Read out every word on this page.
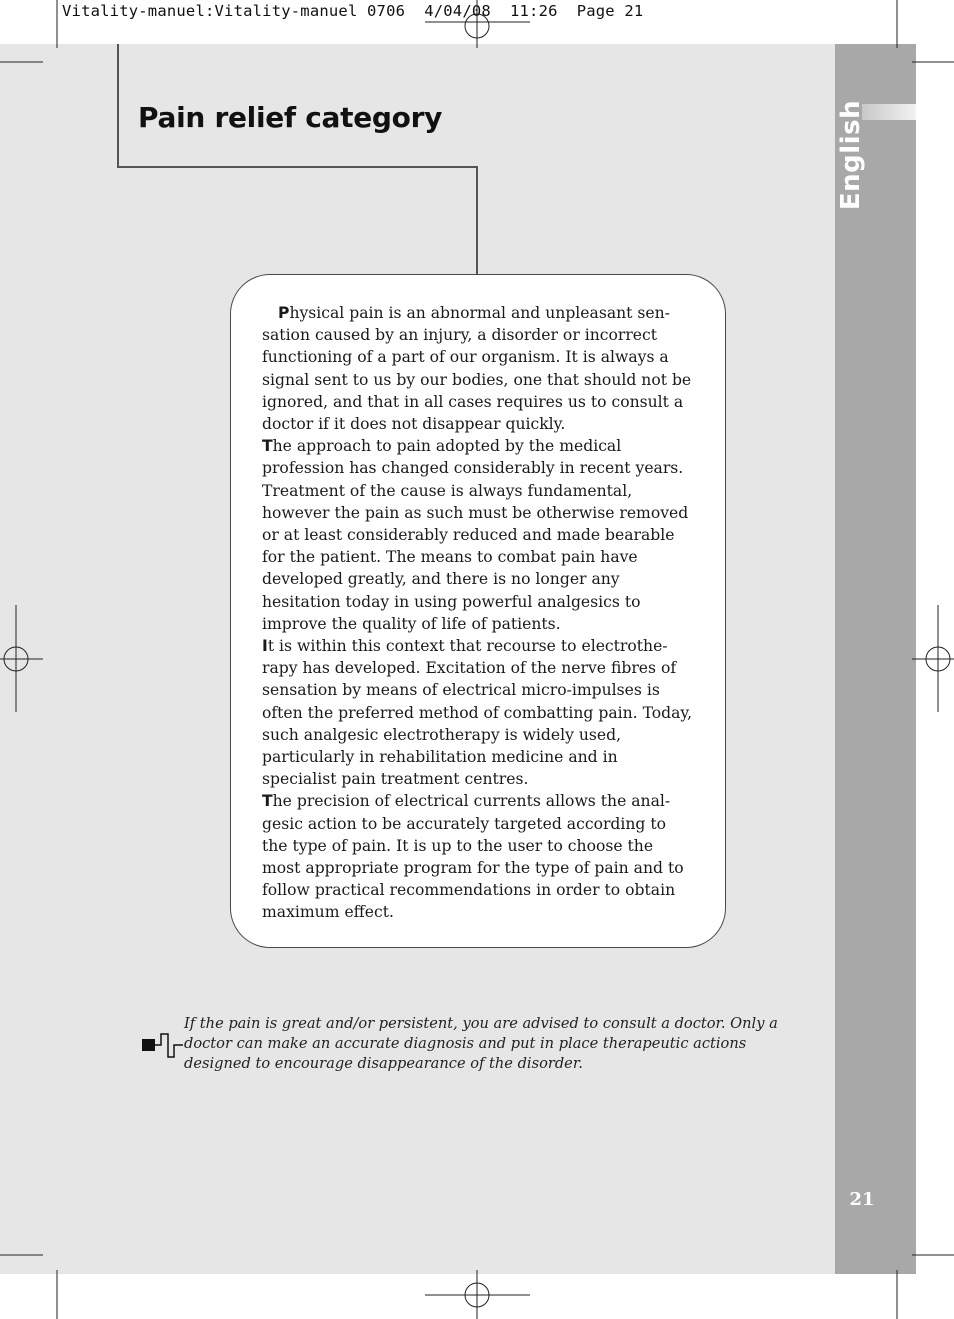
English
21
Vitality-manuel:Vitality-manuel 0706  4/04/08  11:26  Page 21
Pain relief category

Physical pain is an abnormal and unpleasant sen-sation caused by an injury, a disorder or incorrect functioning of a part of our organism. It is always a signal sent to us by our bodies, one that should not be ignored, and that in all cases requires us to consult a doctor if it does not disappear quickly.

The approach to pain adopted by the medical profession has changed considerably in recent years. Treatment of the cause is always fundamental, however the pain as such must be otherwise removed or at least considerably reduced and made bearable for the patient. The means to combat pain have developed greatly, and there is no longer any hesitation today in using powerful analgesics to improve the quality of life of patients.

It is within this context that recourse to electrothe-rapy has developed. Excitation of the nerve fibres of sensation by means of electrical micro-impulses is often the preferred method of combatting pain. Today, such analgesic electrotherapy is widely used, particularly in rehabilitation medicine and in specialist pain treatment centres.

The precision of electrical currents allows the anal-gesic action to be accurately targeted according to the type of pain. It is up to the user to choose the most appropriate program for the type of pain and to follow practical recommendations in order to obtain maximum effect.

If the pain is great and/or persistent, you are advised to consult a doctor. Only a doctor can make an accurate diagnosis and put in place therapeutic actions designed to encourage disappearance of the disorder.
